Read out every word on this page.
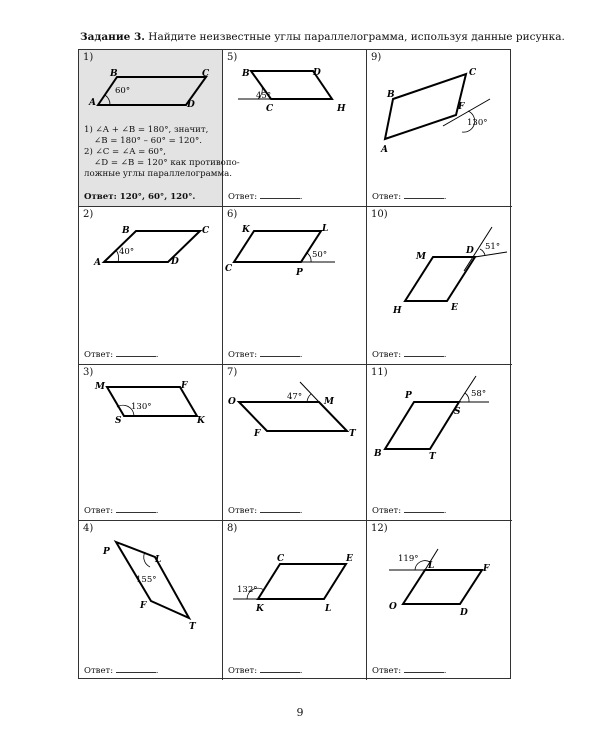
Задание 3. Найдите неизвестные углы параллелограмма, используя данные рисунка.
1)
B	C
A	D
60°
1) ∠A + ∠B = 180°, значит,
∠B = 180° – 60° = 120°.
2) ∠C = ∠A = 60°,
∠D = ∠B = 120° как противопо-
ложные углы параллелограмма.
Ответ: 120°, 60°, 120°.
5)
B	D
C	H
45°
Ответ:	.
9)
C
B
F
A
130°
Ответ:	.
2)
B	C
A	D
40°
Ответ:	.
6)
K	L
C	P
50°
Ответ:	.
10)
M
D
H	E
51°
Ответ:	.
3)
M	F
S	K
130°
Ответ:	.
7)
O	M
F	T
47°
Ответ:	.
11)
P
S
B	T
58°
Ответ:	.
4)
P
L
F
T
155°
Ответ:	.
8)
C	E
K	L
132°
Ответ:	.
12)
L	F
O
D
119°
Ответ:	.
9
